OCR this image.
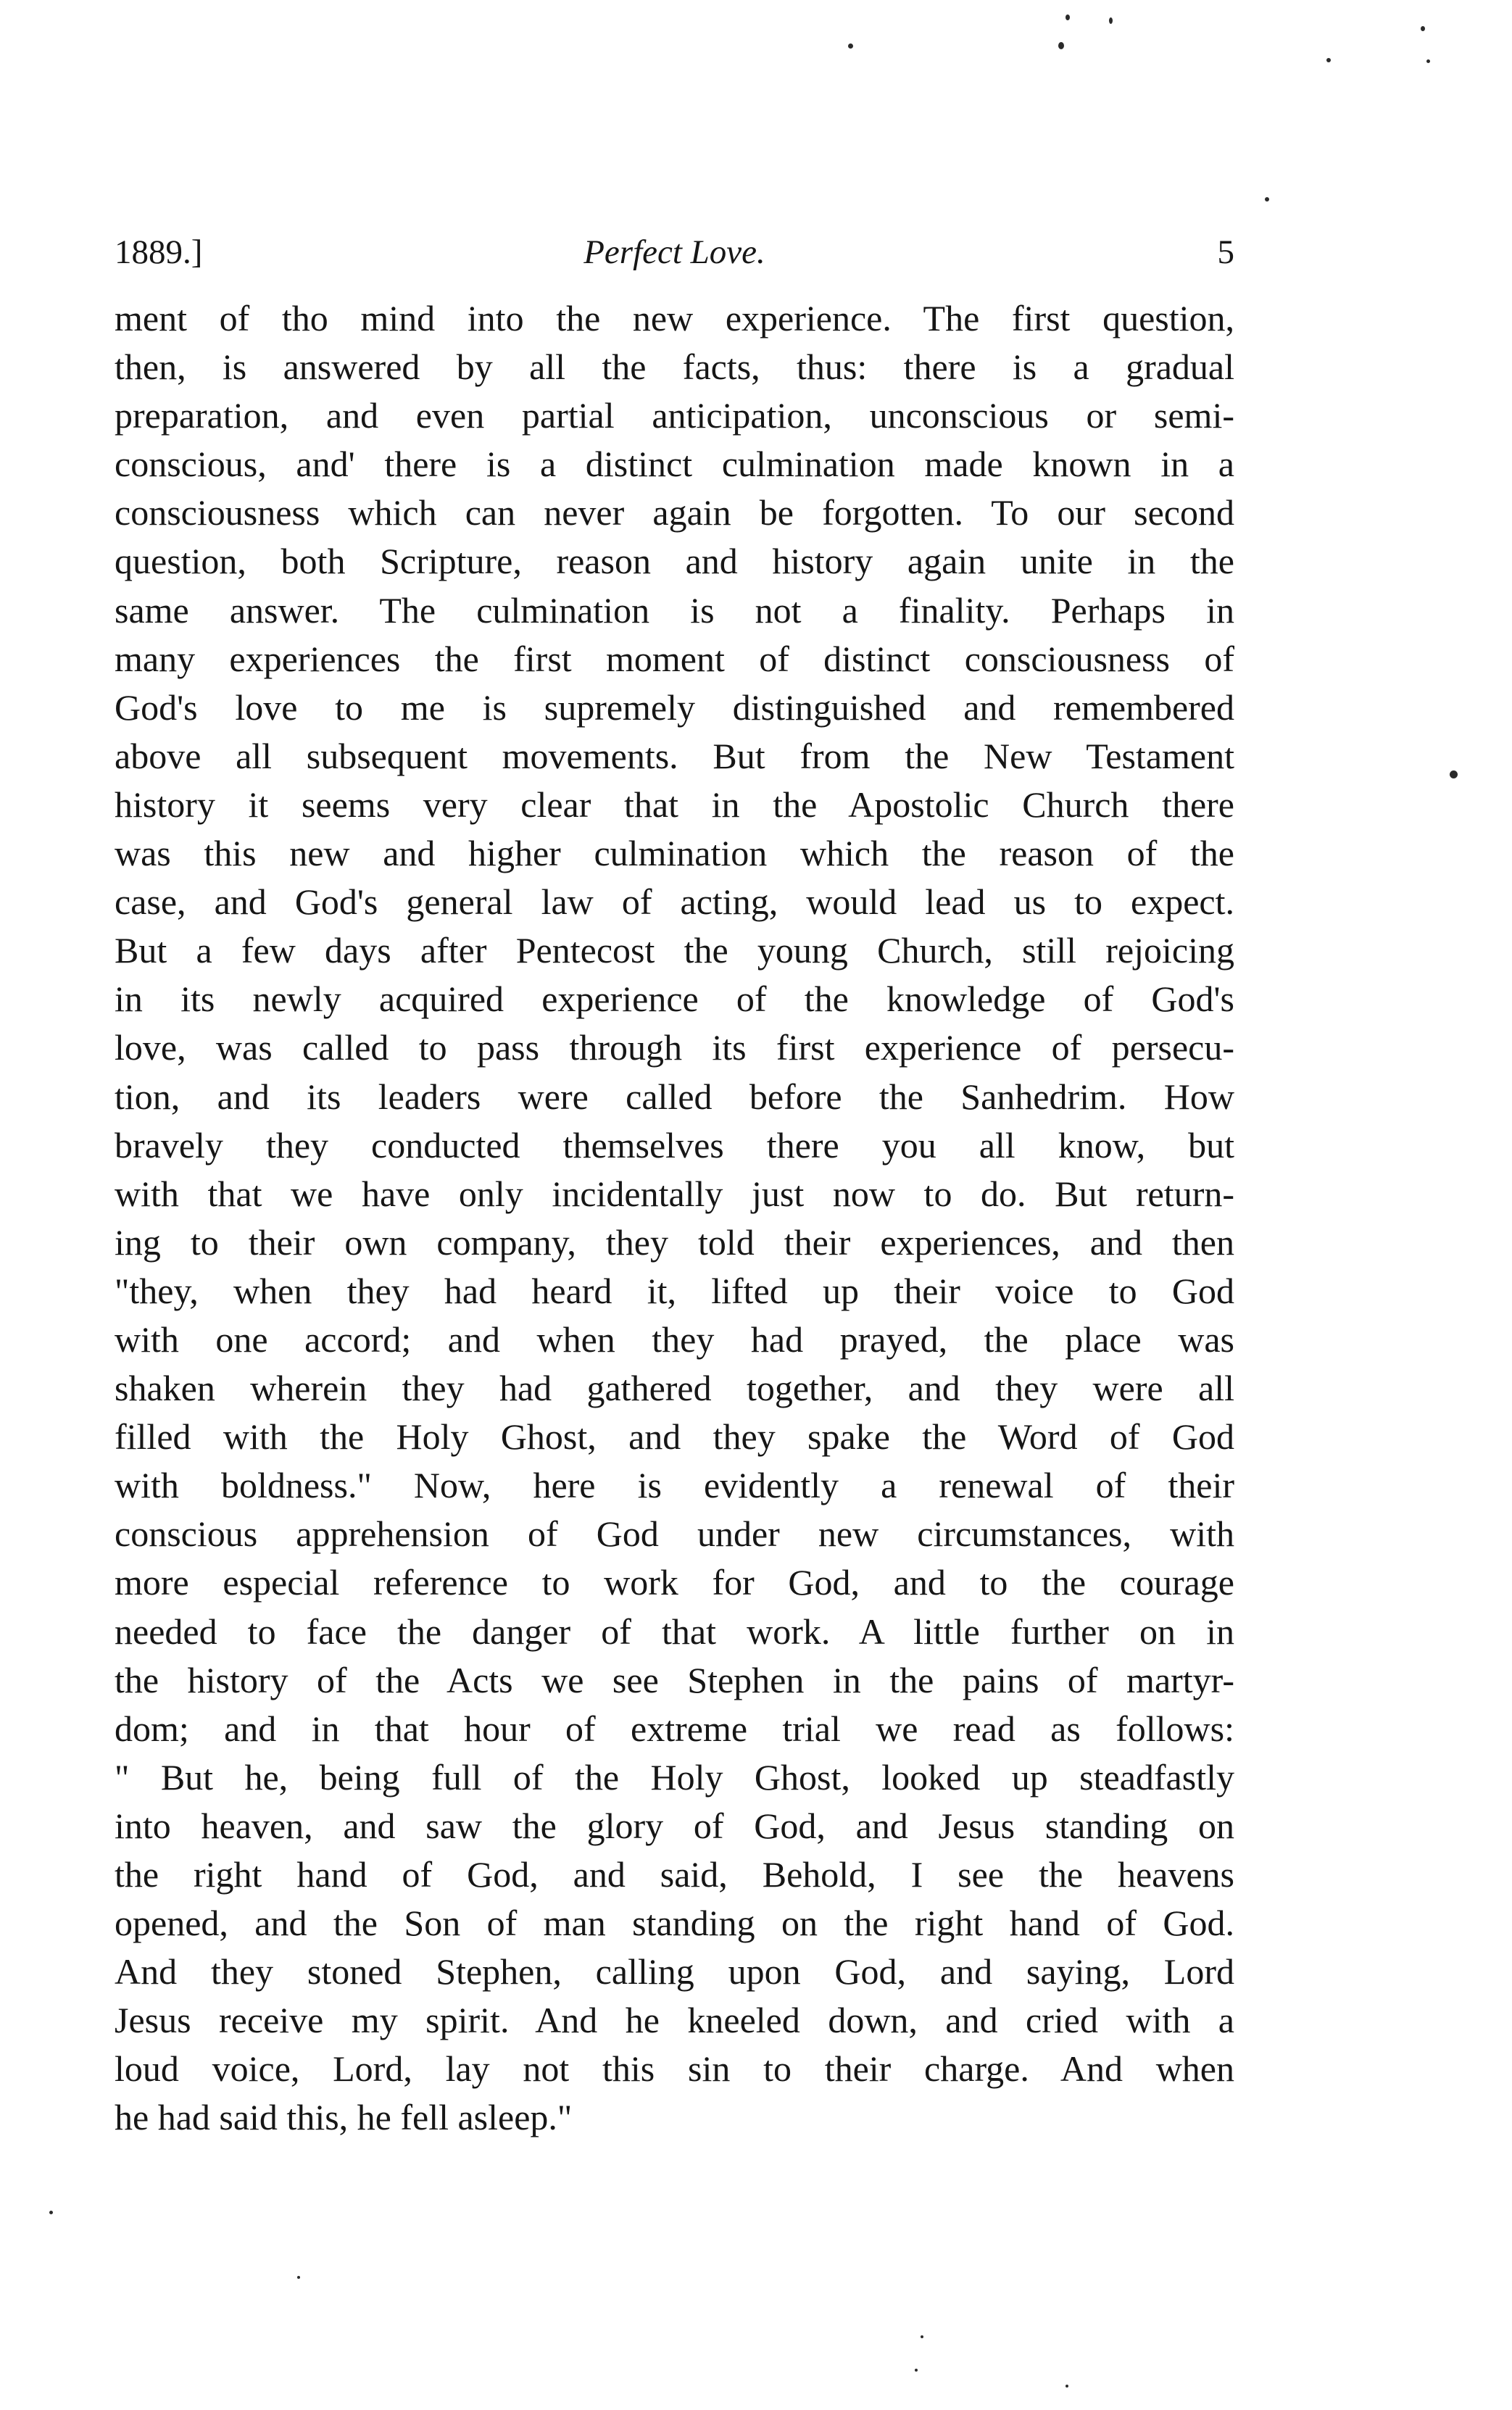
1889.]	Perfect Love.	5
ment of tho mind into the new experience. The first question,
then, is answered by all the facts, thus: there is a gradual
preparation, and even partial anticipation, unconscious or semi-
conscious, and' there is a distinct culmination made known in a
consciousness which can never again be forgotten. To our second
question, both Scripture, reason and history again unite in the
same answer. The culmination is not a finality. Perhaps in
many experiences the first moment of distinct consciousness of
God's love to me is supremely distinguished and remembered
above all subsequent movements. But from the New Testament
history it seems very clear that in the Apostolic Church there
was this new and higher culmination which the reason of the
case, and God's general law of acting, would lead us to expect.
But a few days after Pentecost the young Church, still rejoicing
in its newly acquired experience of the knowledge of God's
love, was called to pass through its first experience of persecu-
tion, and its leaders were called before the Sanhedrim. How
bravely they conducted themselves there you all know, but
with that we have only incidentally just now to do. But return-
ing to their own company, they told their experiences, and then
"they, when they had heard it, lifted up their voice to God
with one accord; and when they had prayed, the place was
shaken wherein they had gathered together, and they were all
filled with the Holy Ghost, and they spake the Word of God
with boldness." Now, here is evidently a renewal of their
conscious apprehension of God under new circumstances, with
more especial reference to work for God, and to the courage
needed to face the danger of that work. A little further on in
the history of the Acts we see Stephen in the pains of martyr-
dom; and in that hour of extreme trial we read as follows:
" But he, being full of the Holy Ghost, looked up steadfastly
into heaven, and saw the glory of God, and Jesus standing on
the right hand of God, and said, Behold, I see the heavens
opened, and the Son of man standing on the right hand of God.
And they stoned Stephen, calling upon God, and saying, Lord
Jesus receive my spirit. And he kneeled down, and cried with a
loud voice, Lord, lay not this sin to their charge. And when
he had said this, he fell asleep."
